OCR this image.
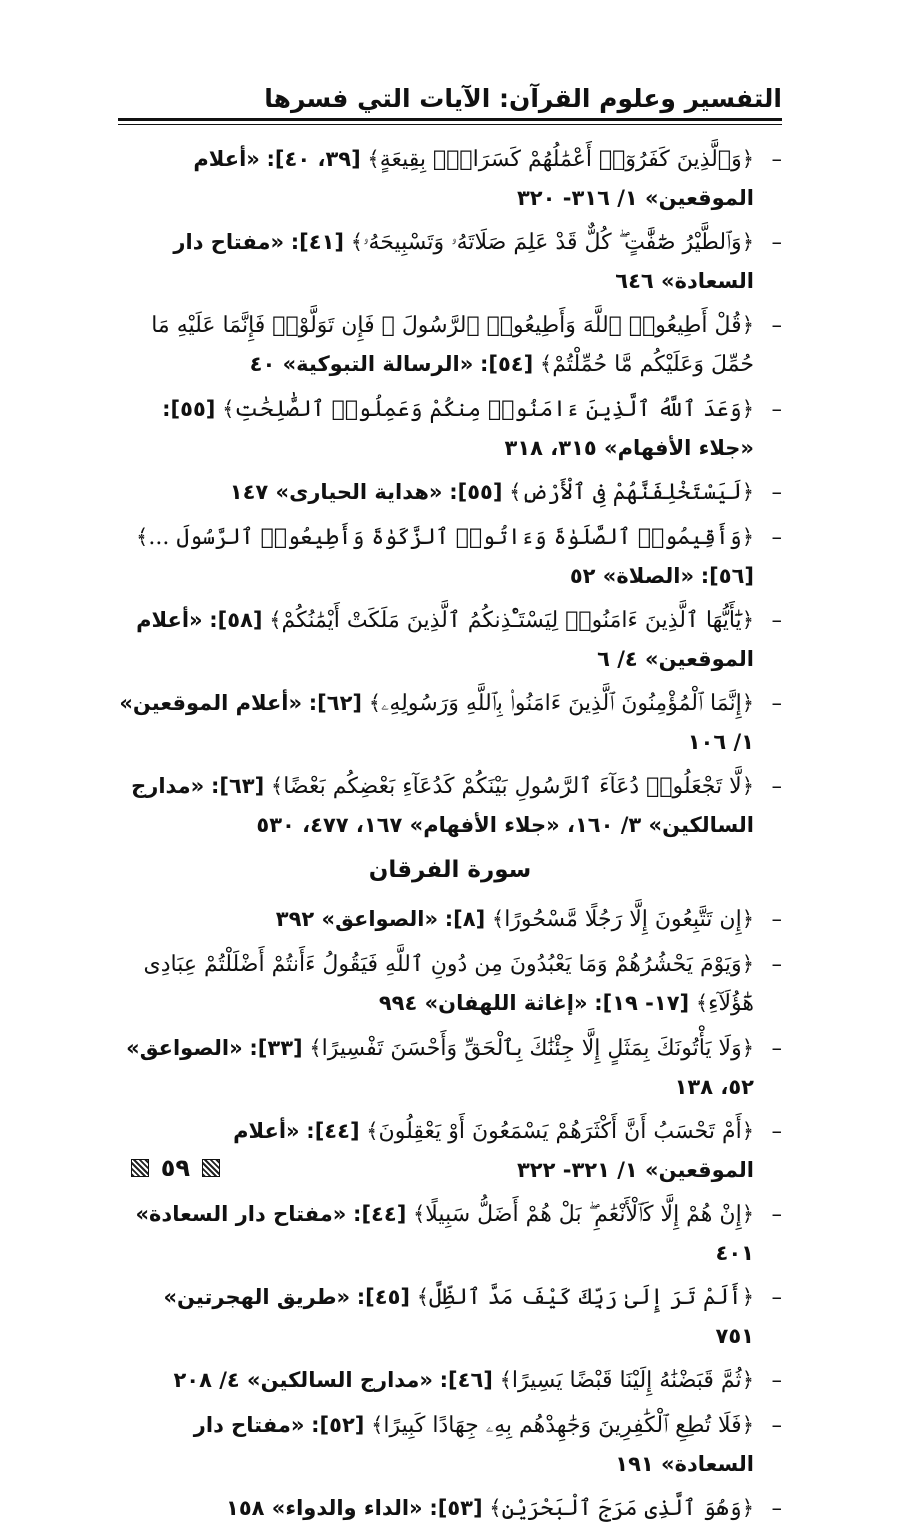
التفسير وعلوم القرآن: الآيات التي فسرها
–
﴿وَٱلَّذِينَ كَفَرُوٓا۟ أَعْمَٰلُهُمْ كَسَرَابٍۭ بِقِيعَةٍ﴾ [٣٩، ٤٠]: «أعلام الموقعين» ١/ ٣١٦- ٣٢٠
–
﴿وَٱلطَّيْرُ صَٰٓفَّٰتٍ ۖ كُلٌّ قَدْ عَلِمَ صَلَاتَهُۥ وَتَسْبِيحَهُۥ﴾ [٤١]: «مفتاح دار السعادة» ٦٤٦
–
﴿قُلْ أَطِيعُوا۟ ٱللَّهَ وَأَطِيعُوا۟ ٱلرَّسُولَ ۖ فَإِن تَوَلَّوْا۟ فَإِنَّمَا عَلَيْهِ مَا حُمِّلَ وَعَلَيْكُم مَّا حُمِّلْتُمْ﴾ [٥٤]: «الرسالة التبوكية» ٤٠
–
﴿وَعَدَ ٱللَّهُ ٱلَّذِينَ ءَامَنُوا۟ مِنكُمْ وَعَمِلُوا۟ ٱلصَّٰلِحَٰتِ﴾ [٥٥]: «جلاء الأفهام» ٣١٥، ٣١٨
–
﴿لَيَسْتَخْلِفَنَّهُمْ فِى ٱلْأَرْضِ﴾ [٥٥]: «هداية الحيارى» ١٤٧
–
﴿وَأَقِيمُوا۟ ٱلصَّلَوٰةَ وَءَاتُوا۟ ٱلزَّكَوٰةَ وَأَطِيعُوا۟ ٱلرَّسُولَ ...﴾ [٥٦]: «الصلاة» ٥٢
–
﴿يَٰٓأَيُّهَا ٱلَّذِينَ ءَامَنُوا۟ لِيَسْتَـْٔذِنكُمُ ٱلَّذِينَ مَلَكَتْ أَيْمَٰنُكُمْ﴾ [٥٨]: «أعلام الموقعين» ٤/ ٦
–
﴿إِنَّمَا ٱلْمُؤْمِنُونَ ٱلَّذِينَ ءَامَنُوا۟ بِٱللَّهِ وَرَسُولِهِۦ﴾ [٦٢]: «أعلام الموقعين» ١/ ١٠٦
–
﴿لَّا تَجْعَلُوا۟ دُعَآءَ ٱلرَّسُولِ بَيْنَكُمْ كَدُعَآءِ بَعْضِكُم بَعْضًا﴾ [٦٣]: «مدارج السالكين» ٣/ ١٦٠، «جلاء الأفهام» ١٦٧، ٤٧٧، ٥٣٠
سورة الفرقان
–
﴿إِن تَتَّبِعُونَ إِلَّا رَجُلًا مَّسْحُورًا﴾ [٨]: «الصواعق» ٣٩٢
–
﴿وَيَوْمَ يَحْشُرُهُمْ وَمَا يَعْبُدُونَ مِن دُونِ ٱللَّهِ فَيَقُولُ ءَأَنتُمْ أَضْلَلْتُمْ عِبَادِى هَٰٓؤُلَآءِ﴾ [١٧- ١٩]: «إغاثة اللهفان» ٩٩٤
–
﴿وَلَا يَأْتُونَكَ بِمَثَلٍ إِلَّا جِئْنَٰكَ بِٱلْحَقِّ وَأَحْسَنَ تَفْسِيرًا﴾ [٣٣]: «الصواعق» ٥٢، ١٣٨
–
﴿أَمْ تَحْسَبُ أَنَّ أَكْثَرَهُمْ يَسْمَعُونَ أَوْ يَعْقِلُونَ﴾ [٤٤]: «أعلام الموقعين» ١/ ٣٢١- ٣٢٢
–
﴿إِنْ هُمْ إِلَّا كَٱلْأَنْعَٰمِ ۖ بَلْ هُمْ أَضَلُّ سَبِيلًا﴾ [٤٤]: «مفتاح دار السعادة» ٤٠١
–
﴿أَلَمْ تَرَ إِلَىٰ رَبِّكَ كَيْفَ مَدَّ ٱلظِّلَّ﴾ [٤٥]: «طريق الهجرتين» ٧٥١
–
﴿ثُمَّ قَبَضْنَٰهُ إِلَيْنَا قَبْضًا يَسِيرًا﴾ [٤٦]: «مدارج السالكين» ٤/ ٢٠٨
–
﴿فَلَا تُطِعِ ٱلْكَٰفِرِينَ وَجَٰهِدْهُم بِهِۦ جِهَادًا كَبِيرًا﴾ [٥٢]: «مفتاح دار السعادة» ١٩١
–
﴿وَهُوَ ٱلَّذِى مَرَجَ ٱلْبَحْرَيْنِ﴾ [٥٣]: «الداء والدواء» ١٥٨
٥٩
